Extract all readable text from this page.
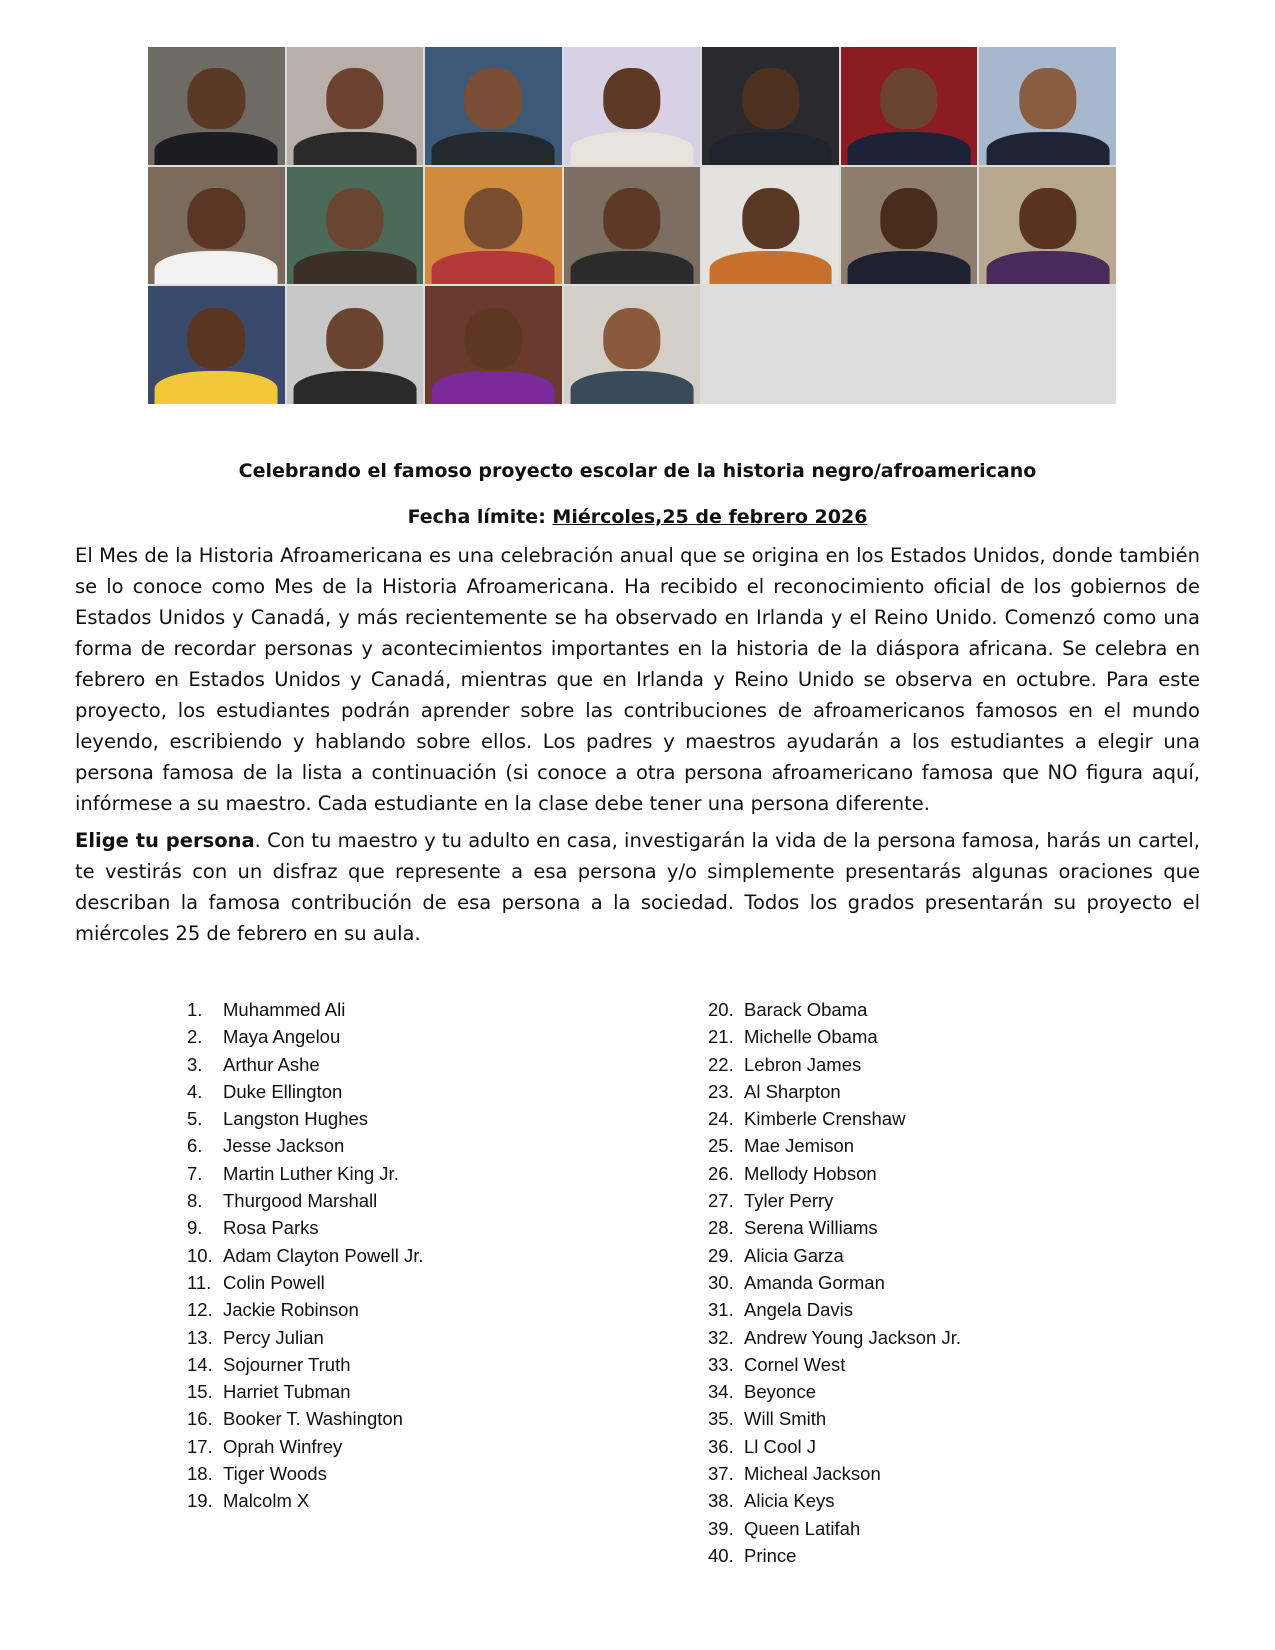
Celebrando el famoso proyecto escolar de la historia negro/afroamericano
Fecha límite: Miércoles,25 de febrero 2026

El Mes de la Historia Afroamericana es una celebración anual que se origina en los Estados Unidos, donde también se lo conoce como Mes de la Historia Afroamericana. Ha recibido el reconocimiento oficial de los gobiernos de Estados Unidos y Canadá, y más recientemente se ha observado en Irlanda y el Reino Unido. Comenzó como una forma de recordar personas y acontecimientos importantes en la historia de la diáspora africana. Se celebra en febrero en Estados Unidos y Canadá, mientras que en Irlanda y Reino Unido se observa en octubre. Para este proyecto, los estudiantes podrán aprender sobre las contribuciones de afroamericanos famosos en el mundo leyendo, escribiendo y hablando sobre ellos. Los padres y maestros ayudarán a los estudiantes a elegir una persona famosa de la lista a continuación (si conoce a otra persona afroamericano famosa que NO figura aquí, infórmese a su maestro. Cada estudiante en la clase debe tener una persona diferente.

Elige tu persona. Con tu maestro y tu adulto en casa, investigarán la vida de la persona famosa, harás un cartel, te vestirás con un disfraz que represente a esa persona y/o simplemente presentarás algunas oraciones que describan la famosa contribución de esa persona a la sociedad. Todos los grados presentarán su proyecto el miércoles 25 de febrero en su aula.

1. Muhammed Ali
2. Maya Angelou
3. Arthur Ashe
4. Duke Ellington
5. Langston Hughes
6. Jesse Jackson
7. Martin Luther King Jr.
8. Thurgood Marshall
9. Rosa Parks
10. Adam Clayton Powell Jr.
11. Colin Powell
12. Jackie Robinson
13. Percy Julian
14. Sojourner Truth
15. Harriet Tubman
16. Booker T. Washington
17. Oprah Winfrey
18. Tiger Woods
19. Malcolm X
20. Barack Obama
21. Michelle Obama
22. Lebron James
23. Al Sharpton
24. Kimberle Crenshaw
25. Mae Jemison
26. Mellody Hobson
27. Tyler Perry
28. Serena Williams
29. Alicia Garza
30. Amanda Gorman
31. Angela Davis
32. Andrew Young Jackson Jr.
33. Cornel West
34. Beyonce
35. Will Smith
36. Ll Cool J
37. Micheal Jackson
38. Alicia Keys
39. Queen Latifah
40. Prince
